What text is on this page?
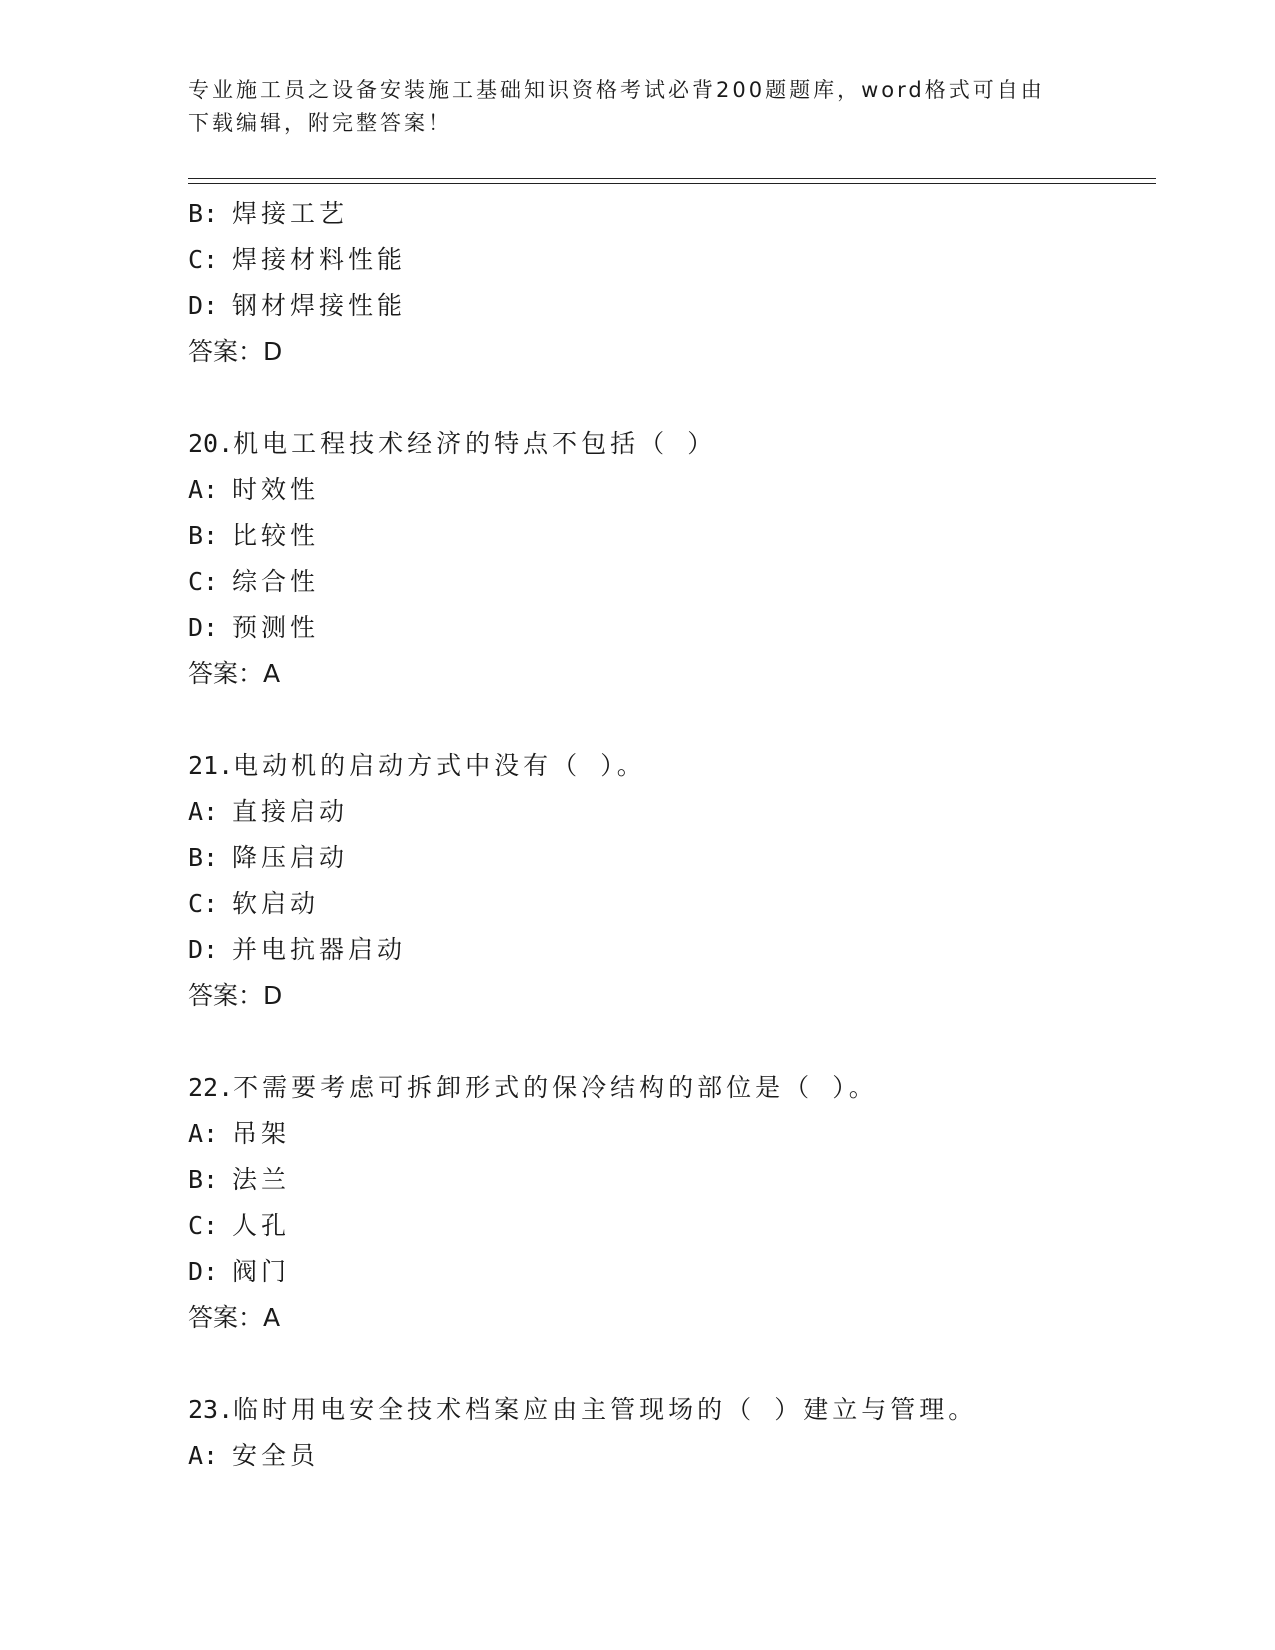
专业施工员之设备安装施工基础知识资格考试必背200题题库，word格式可自由
下载编辑，附完整答案！
B: 焊接工艺
C: 焊接材料性能
D: 钢材焊接性能
答案：D
20.机电工程技术经济的特点不包括（ ）
A: 时效性
B: 比较性
C: 综合性
D: 预测性
答案：A
21.电动机的启动方式中没有（ ）。
A: 直接启动
B: 降压启动
C: 软启动
D: 并电抗器启动
答案：D
22.不需要考虑可拆卸形式的保冷结构的部位是（ ）。
A: 吊架
B: 法兰
C: 人孔
D: 阀门
答案：A
23.临时用电安全技术档案应由主管现场的（ ）建立与管理。
A: 安全员
